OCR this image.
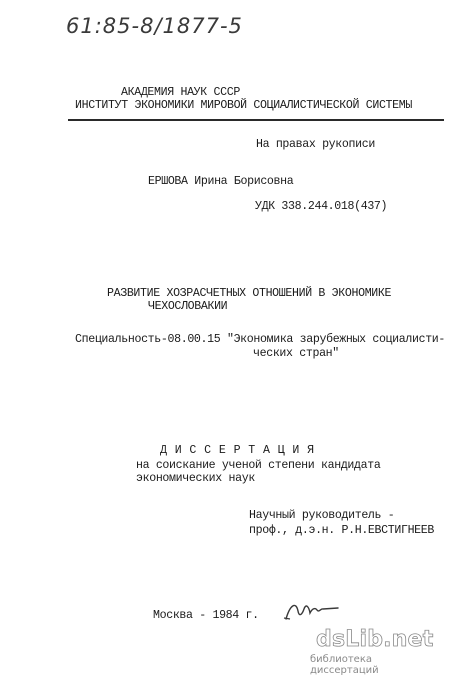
61:85-8/1877-5
АКАДЕМИЯ НАУК СССР
ИНСТИТУТ ЭКОНОМИКИ МИРОВОЙ СОЦИАЛИСТИЧЕСКОЙ СИСТЕМЫ
На правах рукописи
ЕРШОВА Ирина Борисовна
УДК 338.244.018(437)
РАЗВИТИЕ ХОЗРАСЧЕТНЫХ ОТНОШЕНИЙ В ЭКОНОМИКЕ
ЧЕХОСЛОВАКИИ
Специальность-08.00.15 "Экономика зарубежных социалисти-
ческих стран"
Д И С С Е Р Т А Ц И Я
на соискание ученой степени кандидата
экономических наук
Научный руководитель -
проф., д.э.н. Р.Н.ЕВСТИГНЕЕВ
Москва - 1984 г.
dsLib.net
библиотека диссертаций
